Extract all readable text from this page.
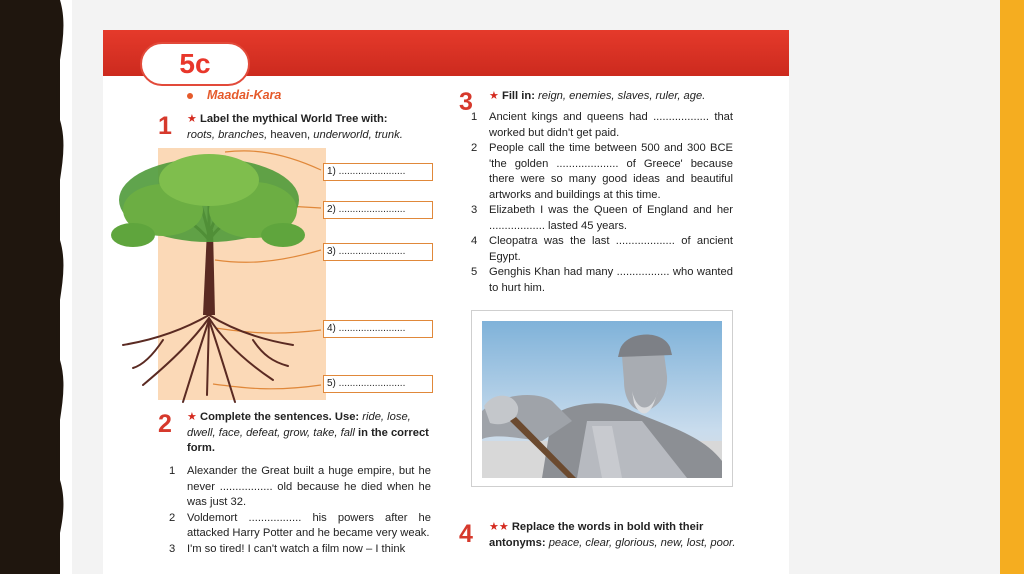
5c
Maadai-Kara
1 ★ Label the mythical World Tree with:
roots, branches, heaven, underworld, trunk.
1) ........................
2) ........................
3) ........................
4) ........................
5) ........................
2 ★ Complete the sentences. Use: ride, lose, dwell, face, defeat, grow, take, fall in the correct form.
1 Alexander the Great built a huge empire, but he never ................. old because he died when he was just 32.
2 Voldemort ................. his powers after he attacked Harry Potter and he became very weak.
3 I'm so tired! I can't watch a film now – I think
3 ★ Fill in: reign, enemies, slaves, ruler, age.
1 Ancient kings and queens had .................. that worked but didn't get paid.
2 People call the time between 500 and 300 BCE 'the golden .................... of Greece' because there were so many good ideas and beautiful artworks and buildings at this time.
3 Elizabeth I was the Queen of England and her .................. lasted 45 years.
4 Cleopatra was the last ................... of ancient Egypt.
5 Genghis Khan had many ................. who wanted to hurt him.
4 ★★ Replace the words in bold with their antonyms: peace, clear, glorious, new, lost, poor.
